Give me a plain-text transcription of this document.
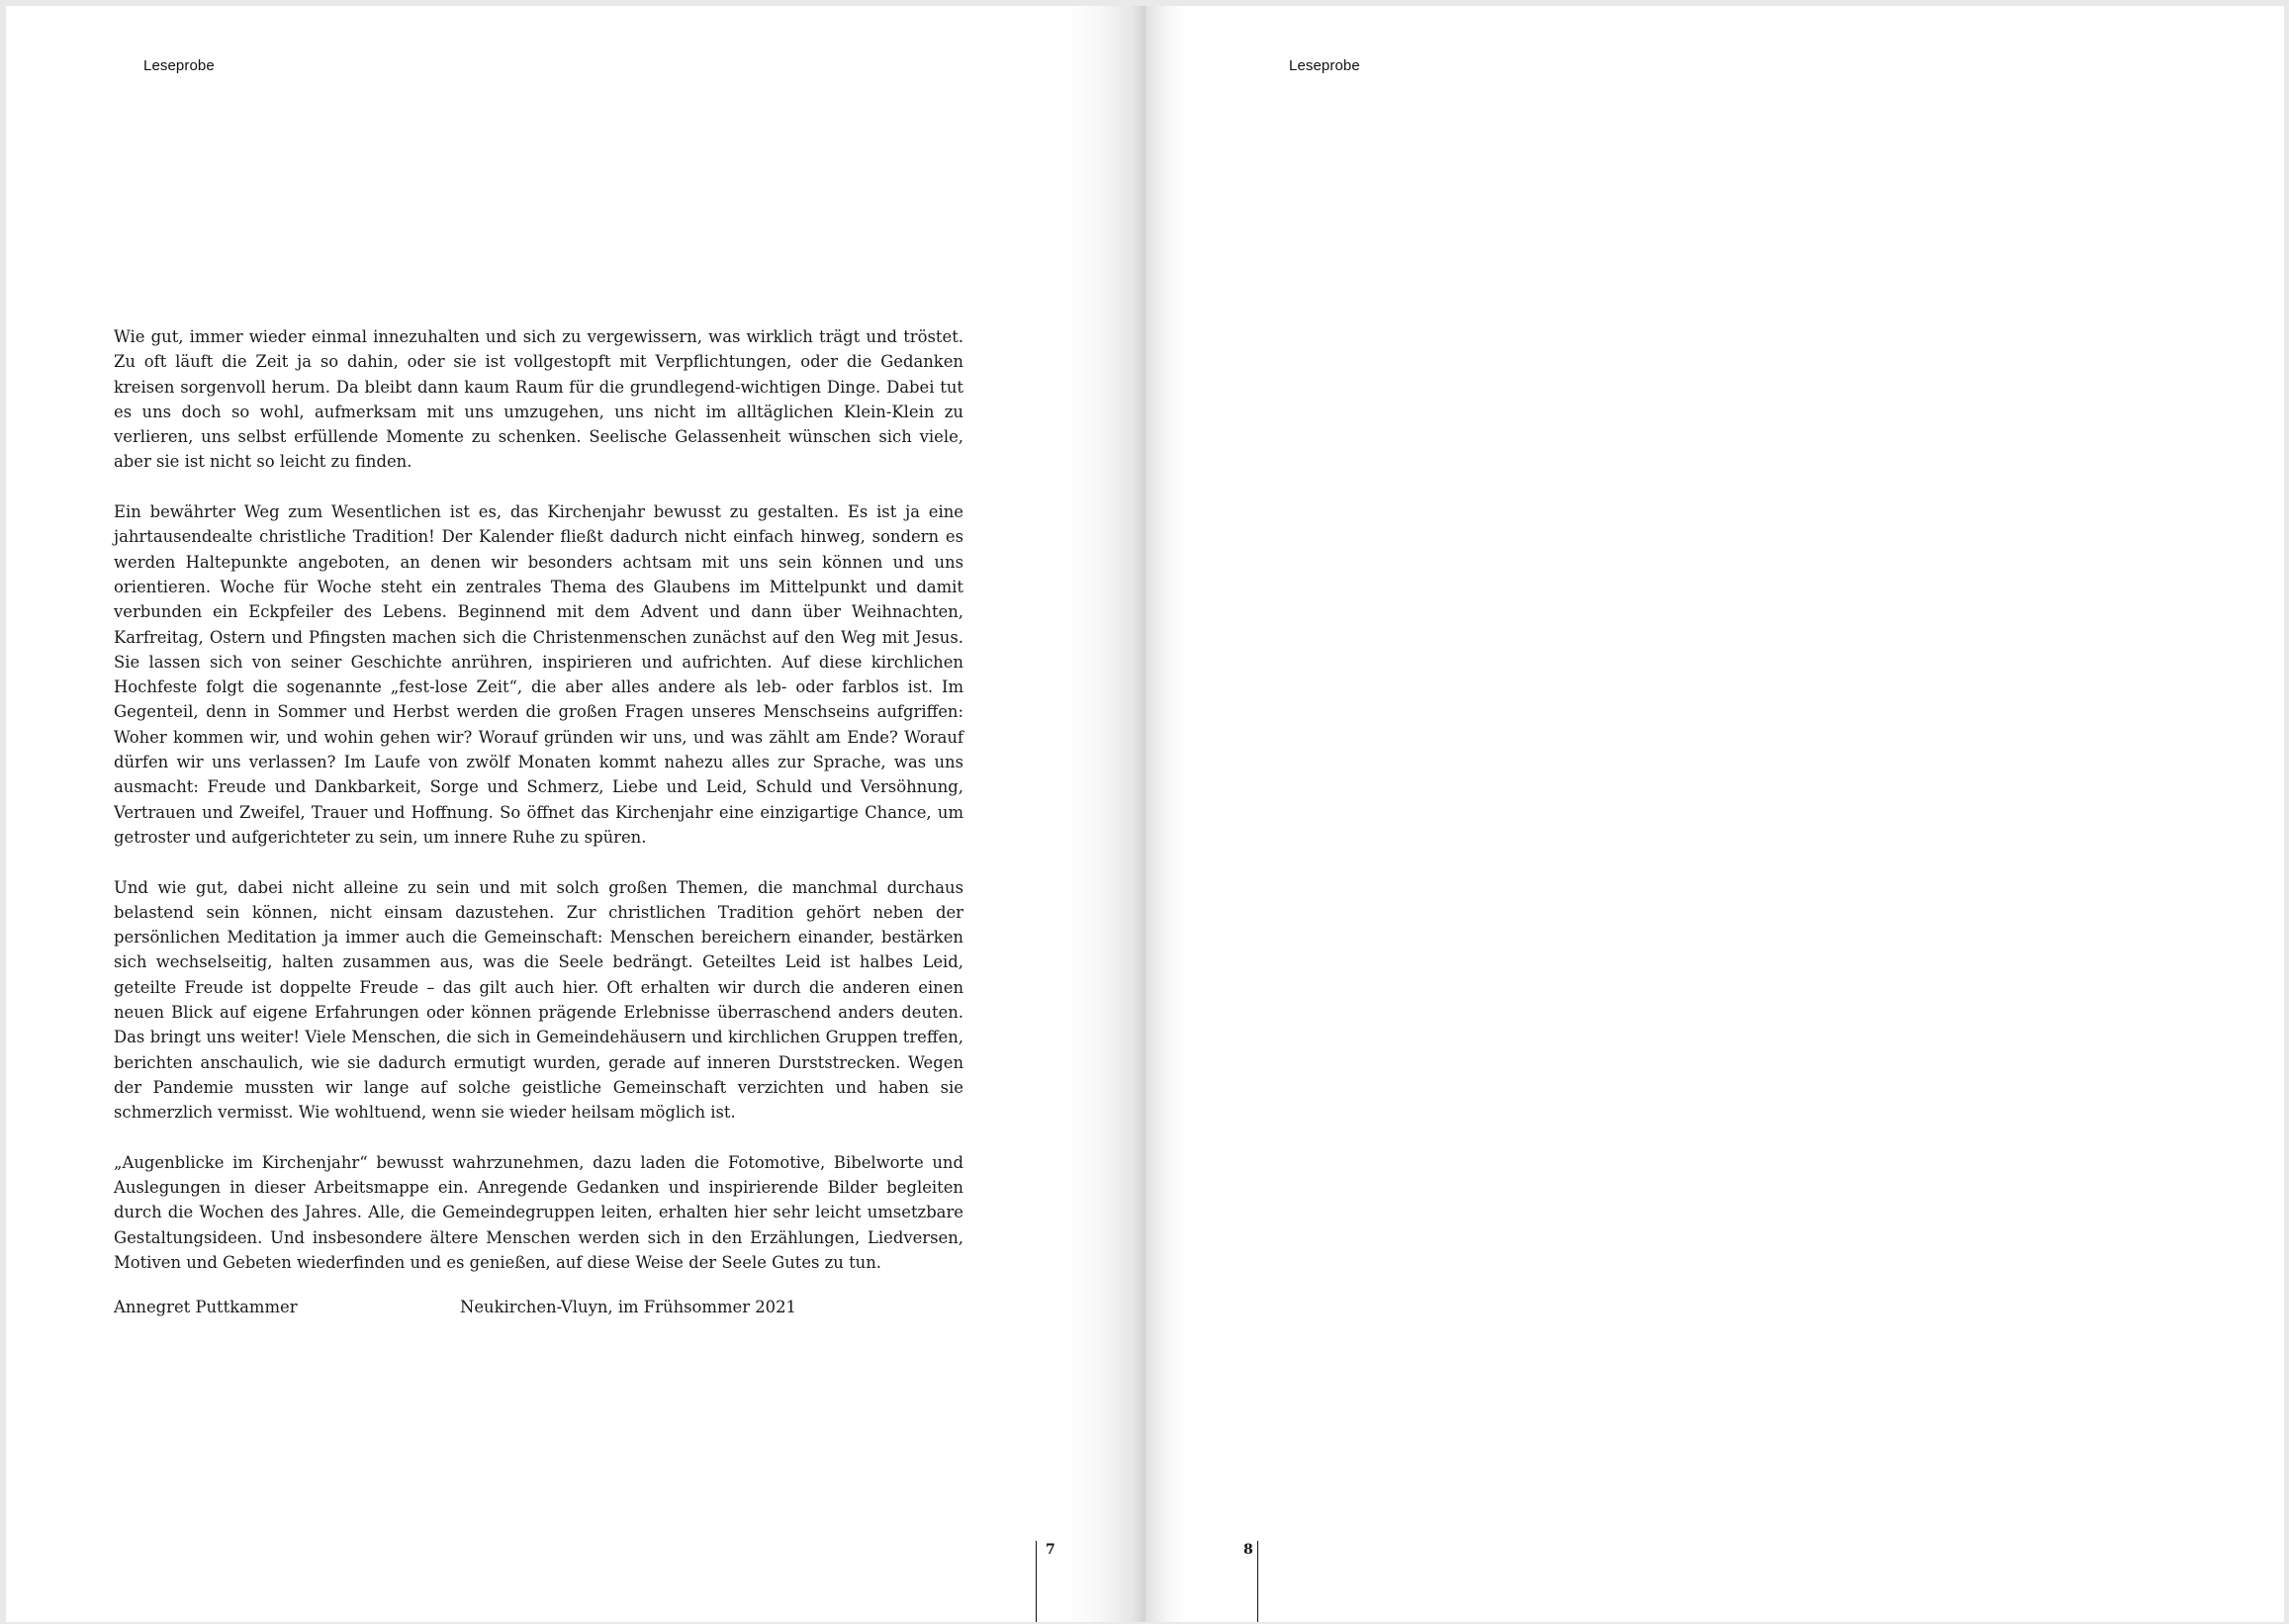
Leseprobe

Wie gut, immer wieder einmal innezuhalten und sich zu vergewissern, was wirklich trägt und tröstet. Zu oft läuft die Zeit ja so dahin, oder sie ist vollgestopft mit Verpflichtungen, oder die Gedanken kreisen sorgenvoll herum. Da bleibt dann kaum Raum für die grundlegend-wichtigen Dinge. Dabei tut es uns doch so wohl, aufmerksam mit uns umzugehen, uns nicht im alltäglichen Klein-Klein zu verlieren, uns selbst erfüllende Momente zu schenken. Seelische Gelassenheit wünschen sich viele, aber sie ist nicht so leicht zu finden.

Ein bewährter Weg zum Wesentlichen ist es, das Kirchenjahr bewusst zu gestalten. Es ist ja eine jahrtausendealte christliche Tradition! Der Kalender fließt dadurch nicht einfach hinweg, sondern es werden Haltepunkte angeboten, an denen wir besonders achtsam mit uns sein können und uns orientieren. Woche für Woche steht ein zentrales Thema des Glaubens im Mittelpunkt und damit verbunden ein Eckpfeiler des Lebens. Beginnend mit dem Advent und dann über Weihnachten, Karfreitag, Ostern und Pfingsten machen sich die Christenmenschen zunächst auf den Weg mit Jesus. Sie lassen sich von seiner Geschichte anrühren, inspirieren und aufrichten. Auf diese kirchlichen Hochfeste folgt die sogenannte „fest-lose Zeit“, die aber alles andere als leb- oder farblos ist. Im Gegenteil, denn in Sommer und Herbst werden die großen Fragen unseres Menschseins aufgriffen: Woher kommen wir, und wohin gehen wir? Worauf gründen wir uns, und was zählt am Ende? Worauf dürfen wir uns verlassen? Im Laufe von zwölf Monaten kommt nahezu alles zur Sprache, was uns ausmacht: Freude und Dankbarkeit, Sorge und Schmerz, Liebe und Leid, Schuld und Versöhnung, Vertrauen und Zweifel, Trauer und Hoffnung. So öffnet das Kirchenjahr eine einzigartige Chance, um getroster und aufgerichteter zu sein, um innere Ruhe zu spüren.

Und wie gut, dabei nicht alleine zu sein und mit solch großen Themen, die manchmal durchaus belastend sein können, nicht einsam dazustehen. Zur christlichen Tradition gehört neben der persönlichen Meditation ja immer auch die Gemeinschaft: Menschen bereichern einander, bestärken sich wechselseitig, halten zusammen aus, was die Seele bedrängt. Geteiltes Leid ist halbes Leid, geteilte Freude ist doppelte Freude – das gilt auch hier. Oft erhalten wir durch die anderen einen neuen Blick auf eigene Erfahrungen oder können prägende Erlebnisse überraschend anders deuten. Das bringt uns weiter! Viele Menschen, die sich in Gemeindehäusern und kirchlichen Gruppen treffen, berichten anschaulich, wie sie dadurch ermutigt wurden, gerade auf inneren Durststrecken. Wegen der Pandemie mussten wir lange auf solche geistliche Gemeinschaft verzichten und haben sie schmerzlich vermisst. Wie wohltuend, wenn sie wieder heilsam möglich ist.

„Augenblicke im Kirchenjahr“ bewusst wahrzunehmen, dazu laden die Fotomotive, Bibelworte und Auslegungen in dieser Arbeitsmappe ein. Anregende Gedanken und inspirierende Bilder begleiten durch die Wochen des Jahres. Alle, die Gemeindegruppen leiten, erhalten hier sehr leicht umsetzbare Gestaltungsideen. Und insbesondere ältere Menschen werden sich in den Erzählungen, Liedversen, Motiven und Gebeten wiederfinden und es genießen, auf diese Weise der Seele Gutes zu tun.

Annegret Puttkammer	Neukirchen-Vluyn, im Frühsommer 2021
7
Leseprobe
8
